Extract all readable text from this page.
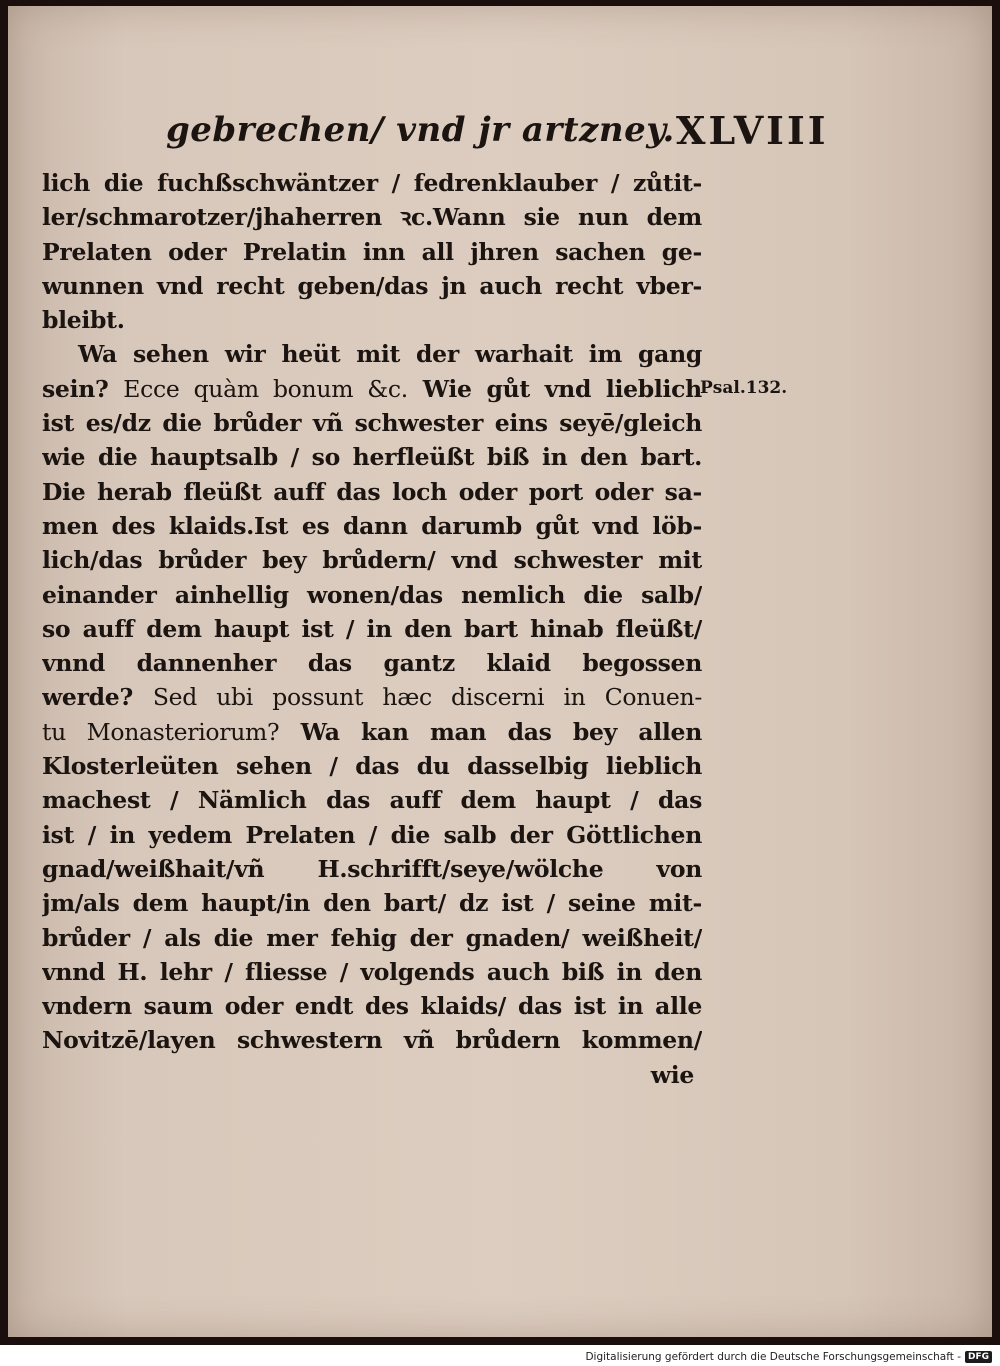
gebrechen/ vnd jr artzney. XLVIII
Psal.132.
lich die fuchßschwäntzer / fedrenklauber / zůtit-
ler/schmarotzer/jhaherren ꝛc.Wann sie nun dem
Prelaten oder Prelatin inn all jhren sachen ge-
wunnen vnd recht geben/das jn auch recht vber-
bleibt.
Wa sehen wir heüt mit der warhait im gang
sein? Ecce quàm bonum &c. Wie gůt vnd lieblich
ist es/dz die brůder vñ schwester eins seyē/gleich
wie die hauptsalb / so herfleüßt biß in den bart.
Die herab fleüßt auff das loch oder port oder sa-
men des klaids.Ist es dann darumb gůt vnd löb-
lich/das brůder bey brůdern/ vnd schwester mit
einander ainhellig wonen/das nemlich die salb/
so auff dem haupt ist / in den bart hinab fleüßt/
vnnd dannenher das gantz klaid begossen
werde? Sed ubi possunt hæc discerni in Conuen-
tu Monasteriorum? Wa kan man das bey allen
Klosterleüten sehen / das du dasselbig lieblich
machest / Nämlich das auff dem haupt / das
ist / in yedem Prelaten / die salb der Göttlichen
gnad/weißhait/vñ H.schrifft/seye/wölche von
jm/als dem haupt/in den bart/ dz ist / seine mit-
brůder / als die mer fehig der gnaden/ weißheit/
vnnd H. lehr / fliesse / volgends auch biß in den
vndern saum oder endt des klaids/ das ist in alle
Novitzē/layen schwestern vñ brůdern kommen/
wie
Digitalisierung gefördert durch die Deutsche Forschungsgemeinschaft - DFG
